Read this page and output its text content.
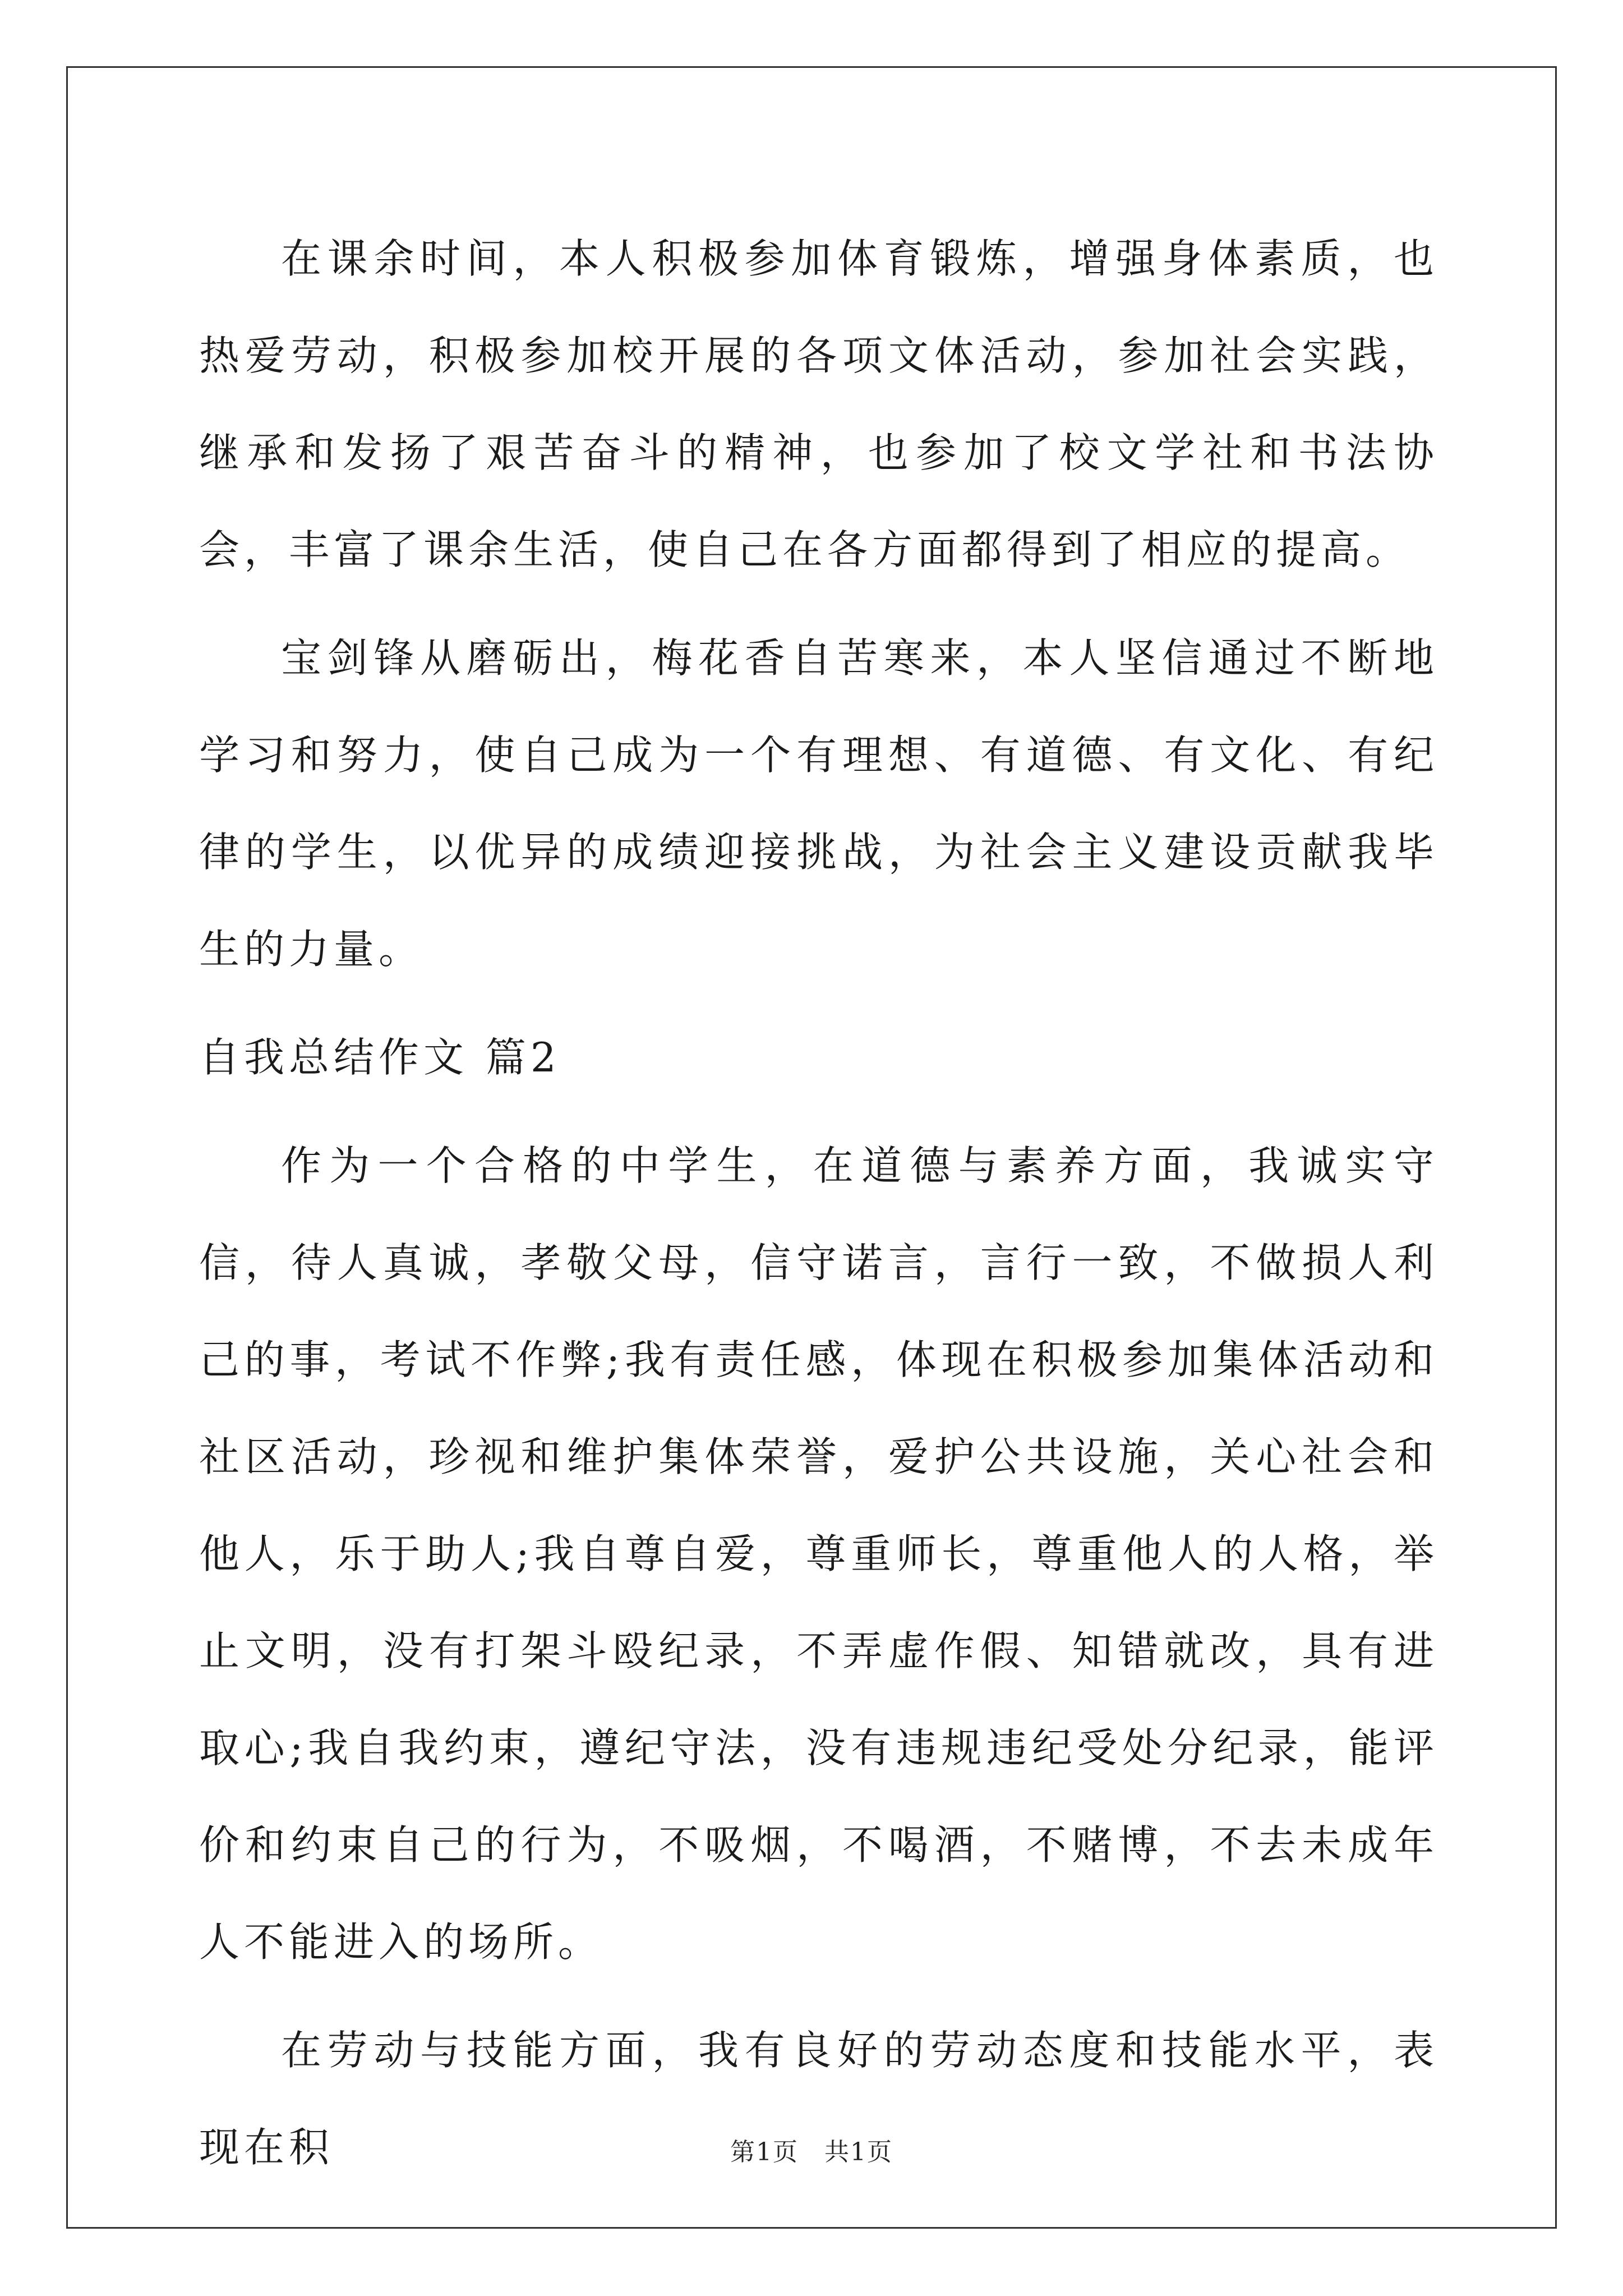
在课余时间，本人积极参加体育锻炼，增强身体素质，也热爱劳动，积极参加校开展的各项文体活动，参加社会实践，继承和发扬了艰苦奋斗的精神，也参加了校文学社和书法协会，丰富了课余生活，使自己在各方面都得到了相应的提高。

宝剑锋从磨砺出，梅花香自苦寒来，本人坚信通过不断地学习和努力，使自己成为一个有理想、有道德、有文化、有纪律的学生，以优异的成绩迎接挑战，为社会主义建设贡献我毕生的力量。

自我总结作文 篇2

作为一个合格的中学生，在道德与素养方面，我诚实守信，待人真诚，孝敬父母，信守诺言，言行一致，不做损人利己的事，考试不作弊;我有责任感，体现在积极参加集体活动和社区活动，珍视和维护集体荣誉，爱护公共设施，关心社会和他人，乐于助人;我自尊自爱，尊重师长，尊重他人的人格，举止文明，没有打架斗殴纪录，不弄虚作假、知错就改，具有进取心;我自我约束，遵纪守法，没有违规违纪受处分纪录，能评价和约束自己的行为，不吸烟，不喝酒，不赌博，不去未成年人不能进入的场所。

在劳动与技能方面，我有良好的劳动态度和技能水平，表现在积	第1页　共1页
